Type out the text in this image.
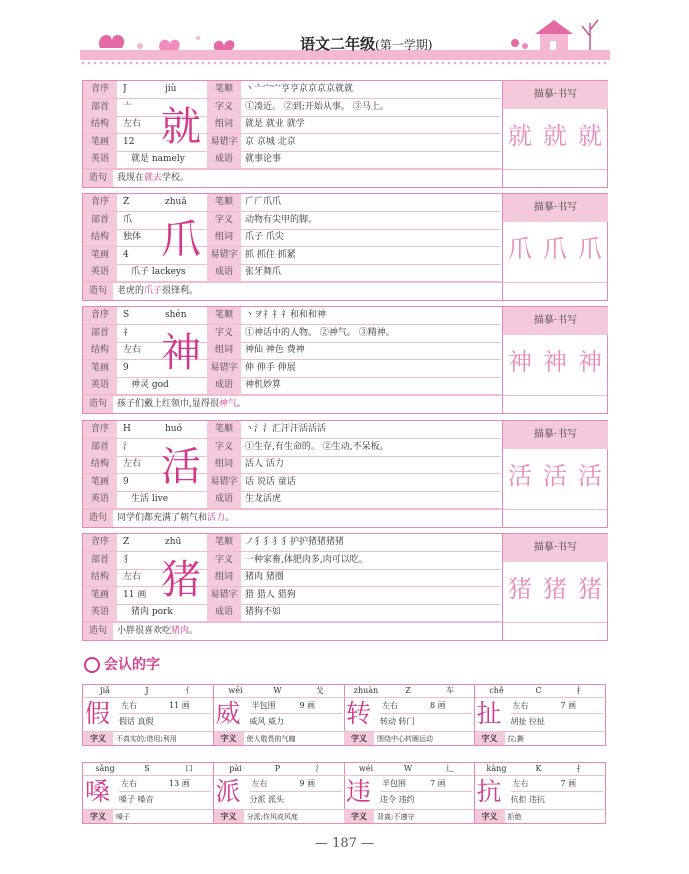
语文二年级(第一学期)
音序	J	jiù	笔顺	丶亠宀宀亨亨京京京京就就
部首	亠	字义	①凑近。 ②到;开始从事。 ③马上。
结构	左右	组词	就是 就业 就学
笔画	12	易错字 京 京城 北京
英语	就是 namely	成语	就事论事
就
造句	我现在就去学校。
描摹·书写
就 就 就
音序	Z	zhuǎ	笔顺	𠂆𠂆爪爪
部首	爪	字义	动物有尖甲的脚。
结构	独体	组词	爪子 爪尖
笔画	4	易错字 抓 抓住 抓紧
英语	爪子 lackeys	成语	张牙舞爪
爪
造句	老虎的爪子很锋利。
描摹·书写
爪 爪 爪
音序	S	shén	笔顺	丶ヲ礻礻礻和和和神
部首	礻	字义	①神话中的人物。 ②神气。 ③精神。
结构	左右	组词	神仙 神色 费神
笔画	9	易错字 伸 伸手 伸展
英语	神灵 god	成语	神机妙算
神
造句	孩子们戴上红领巾,显得很神气。
描摹·书写
神 神 神
音序	H	huó	笔顺	丶氵氵汇汗汗活活活
部首	氵	字义	①生存,有生命的。 ②生动,不呆板。
结构	左右	组词	活人 活力
笔画	9	易错字 话 说话 童话
英语	生活 live	成语	生龙活虎
活
造句	同学们都充满了朝气和活力。
描摹·书写
活 活 活
音序	Z	zhū	笔顺	ノ犭犭犭犭护护猪猪猪猪
部首	犭	字义	一种家畜,体肥肉多,肉可以吃。
结构	左右	组词	猪肉 猪圈
笔画	11 画	易错字 猎 猎人 猎狗
英语	猪肉 pork	成语	猪狗不如
猪
造句	小胖很喜欢吃猪肉。
描摹·书写
猪 猪 猪
会认的字
jiǎ	J	亻
假	左右	11 画
假话 真假
字义 不真实的;借用;利用
wēi	W	戈
威	半包围	9 画
威风 威力
字义 使人敬畏的气魄
zhuàn	Z	车
转	左右	8 画
转动 转门
字义 围绕中心转圈运动
chě	C	扌
扯	左右	7 画
胡扯 拉扯
字义 拉;撕
sǎng	S	口
嗓	左右	13 画
嗓子 嗓音
字义 嗓子
pài	P	氵
派	左右	9 画
分派 派头
字义 分派;作风或风度
wéi	W	辶
违	半包围	7 画
违令 违约
字义 背离;不遵守
kàng	K	扌
抗	左右	7 画
抗拒 违抗
字义 拒绝
— 187 —
